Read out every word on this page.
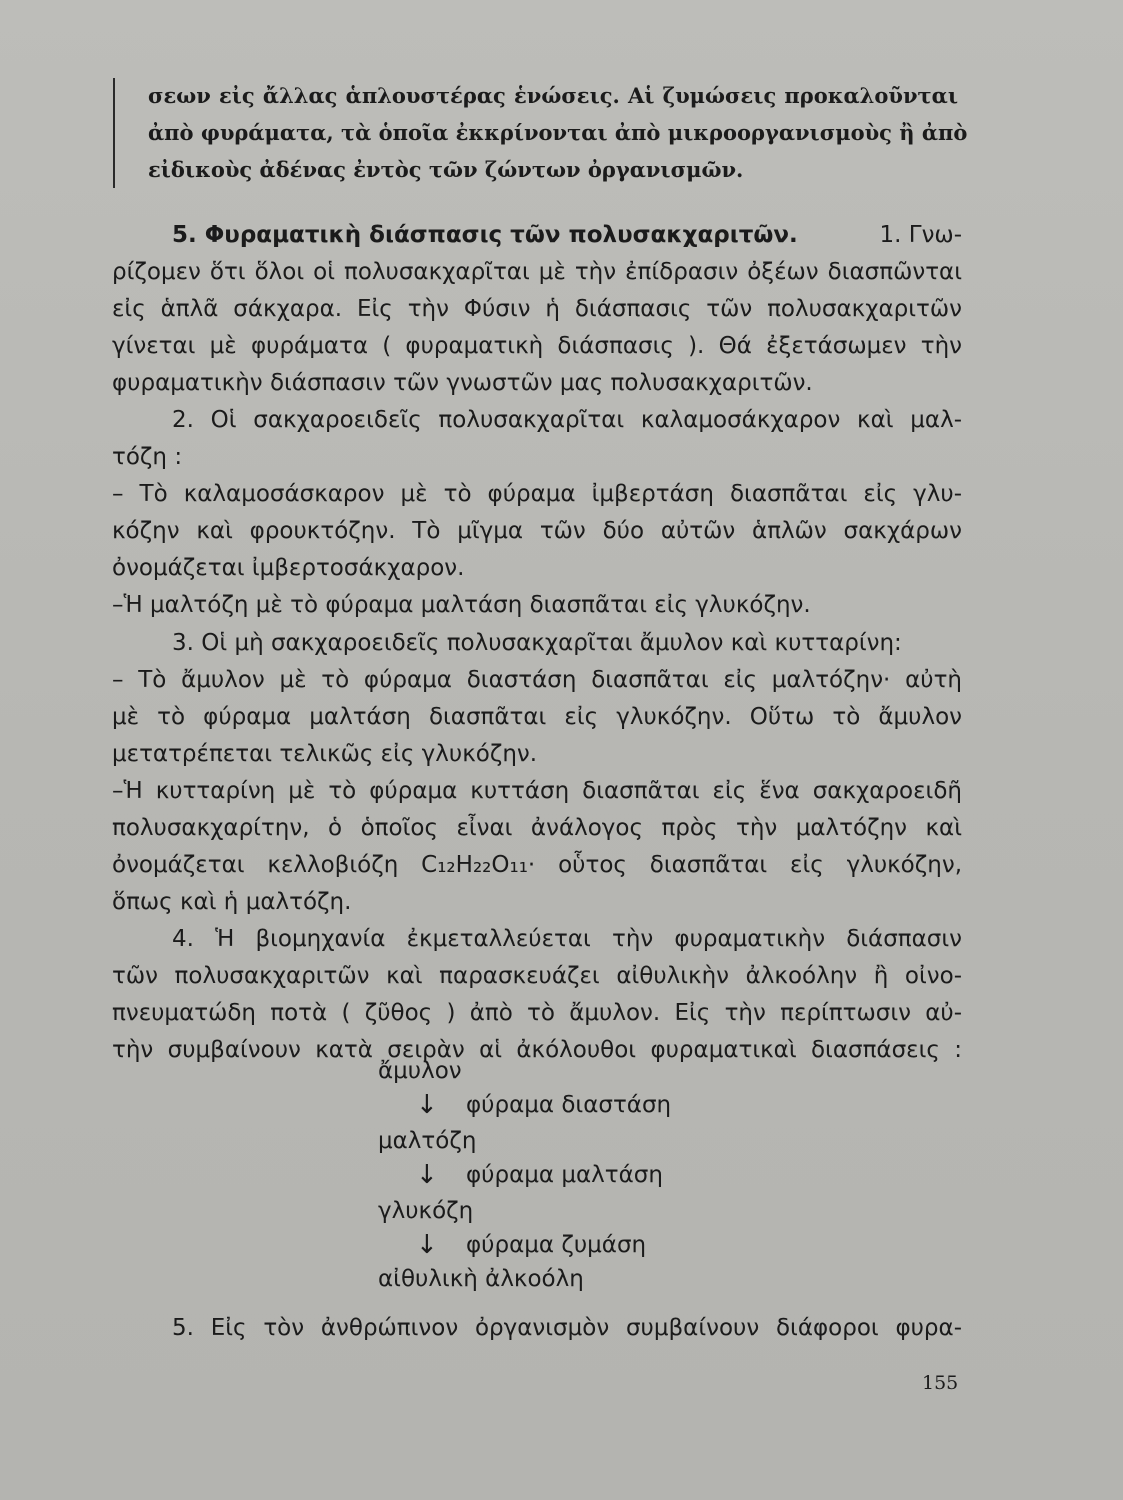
σεων εἰς ἄλλας ἁπλουστέρας ἑνώσεις. Αἱ ζυμώσεις προκαλοῦνται
ἀπὸ φυράματα, τὰ ὁποῖα ἐκκρίνονται ἀπὸ μικροοργανισμοὺς ἢ ἀπὸ
εἰδικοὺς ἀδένας ἐντὸς τῶν ζώντων ὀργανισμῶν.
5. Φυραματικὴ διάσπασις τῶν πολυσακχαριτῶν.	1. Γνω-
ρίζομεν ὅτι ὅλοι οἱ πολυσακχαρῖται μὲ τὴν ἐπίδρασιν ὀξέων διασπῶνται
εἰς ἁπλᾶ σάκχαρα. Εἰς τὴν Φύσιν ἡ διάσπασις τῶν πολυσακχαριτῶν
γίνεται μὲ φυράματα ( φυραματικὴ διάσπασις ). Θά ἐξετάσωμεν τὴν
φυραματικὴν διάσπασιν τῶν γνωστῶν μας πολυσακχαριτῶν.
2. Οἱ σακχαροειδεῖς πολυσακχαρῖται καλαμοσάκχαρον καὶ μαλ-
τόζη :
– Τὸ καλαμοσάσκαρον μὲ τὸ φύραμα ἰμβερτάση διασπᾶται εἰς γλυ-
κόζην καὶ φρουκτόζην. Τὸ μῖγμα τῶν δύο αὐτῶν ἁπλῶν σακχάρων
ὀνομάζεται ἰμβερτοσάκχαρον.
–Ἡ μαλτόζη μὲ τὸ φύραμα μαλτάση διασπᾶται εἰς γλυκόζην.
3. Οἱ μὴ σακχαροειδεῖς πολυσακχαρῖται ἄμυλον καὶ κυτταρίνη:
– Τὸ ἄμυλον μὲ τὸ φύραμα διαστάση διασπᾶται εἰς μαλτόζην· αὐτὴ
μὲ τὸ φύραμα μαλτάση διασπᾶται εἰς γλυκόζην. Οὕτω τὸ ἄμυλον
μετατρέπεται τελικῶς εἰς γλυκόζην.
–Ἡ κυτταρίνη μὲ τὸ φύραμα κυττάση διασπᾶται εἰς ἕνα σακχαροειδῆ
πολυσακχαρίτην, ὁ ὁποῖος εἶναι ἀνάλογος πρὸς τὴν μαλτόζην καὶ
ὀνομάζεται κελλοβιόζη C₁₂H₂₂O₁₁· οὗτος διασπᾶται εἰς γλυκόζην,
ὅπως καὶ ἡ μαλτόζη.
4. Ἡ βιομηχανία ἐκμεταλλεύεται τὴν φυραματικὴν διάσπασιν
τῶν πολυσακχαριτῶν καὶ παρασκευάζει αἰθυλικὴν ἀλκοόλην ἢ οἰνο-
πνευματώδη ποτὰ ( ζῦθος ) ἀπὸ τὸ ἄμυλον. Εἰς τὴν περίπτωσιν αὐ-
τὴν συμβαίνουν κατὰ σειρὰν αἱ ἀκόλουθοι φυραματικαὶ διασπάσεις :
ἄμυλον
↓ φύραμα διαστάση
μαλτόζη
↓ φύραμα μαλτάση
γλυκόζη
↓ φύραμα ζυμάση
αἰθυλικὴ ἀλκοόλη
5. Εἰς τὸν ἀνθρώπινον ὀργανισμὸν συμβαίνουν διάφοροι φυρα-
155
